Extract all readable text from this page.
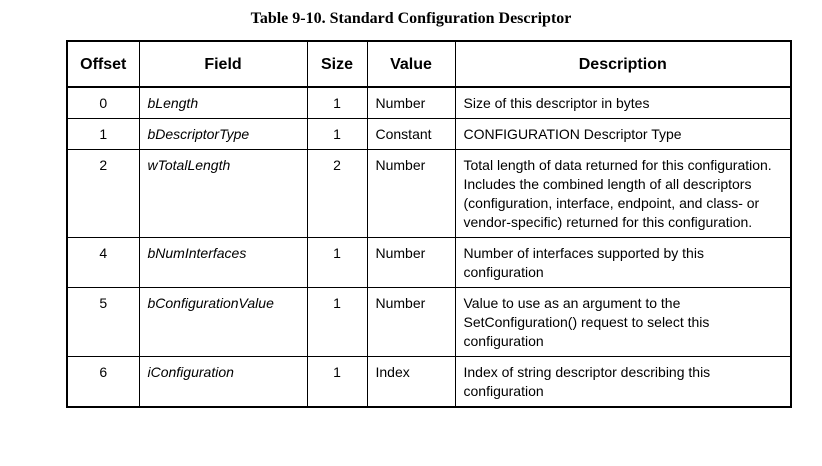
Table 9-10. Standard Configuration Descriptor
Offset	Field	Size	Value	Description
0	bLength	1	Number	Size of this descriptor in bytes
1	bDescriptorType	1	Constant	CONFIGURATION Descriptor Type
2	wTotalLength	2	Number	Total length of data returned for this configuration. Includes the combined length of all descriptors (configuration, interface, endpoint, and class- or vendor-specific) returned for this configuration.
4	bNumInterfaces	1	Number	Number of interfaces supported by this configuration
5	bConfigurationValue	1	Number	Value to use as an argument to the SetConfiguration() request to select this configuration
6	iConfiguration	1	Index	Index of string descriptor describing this configuration
